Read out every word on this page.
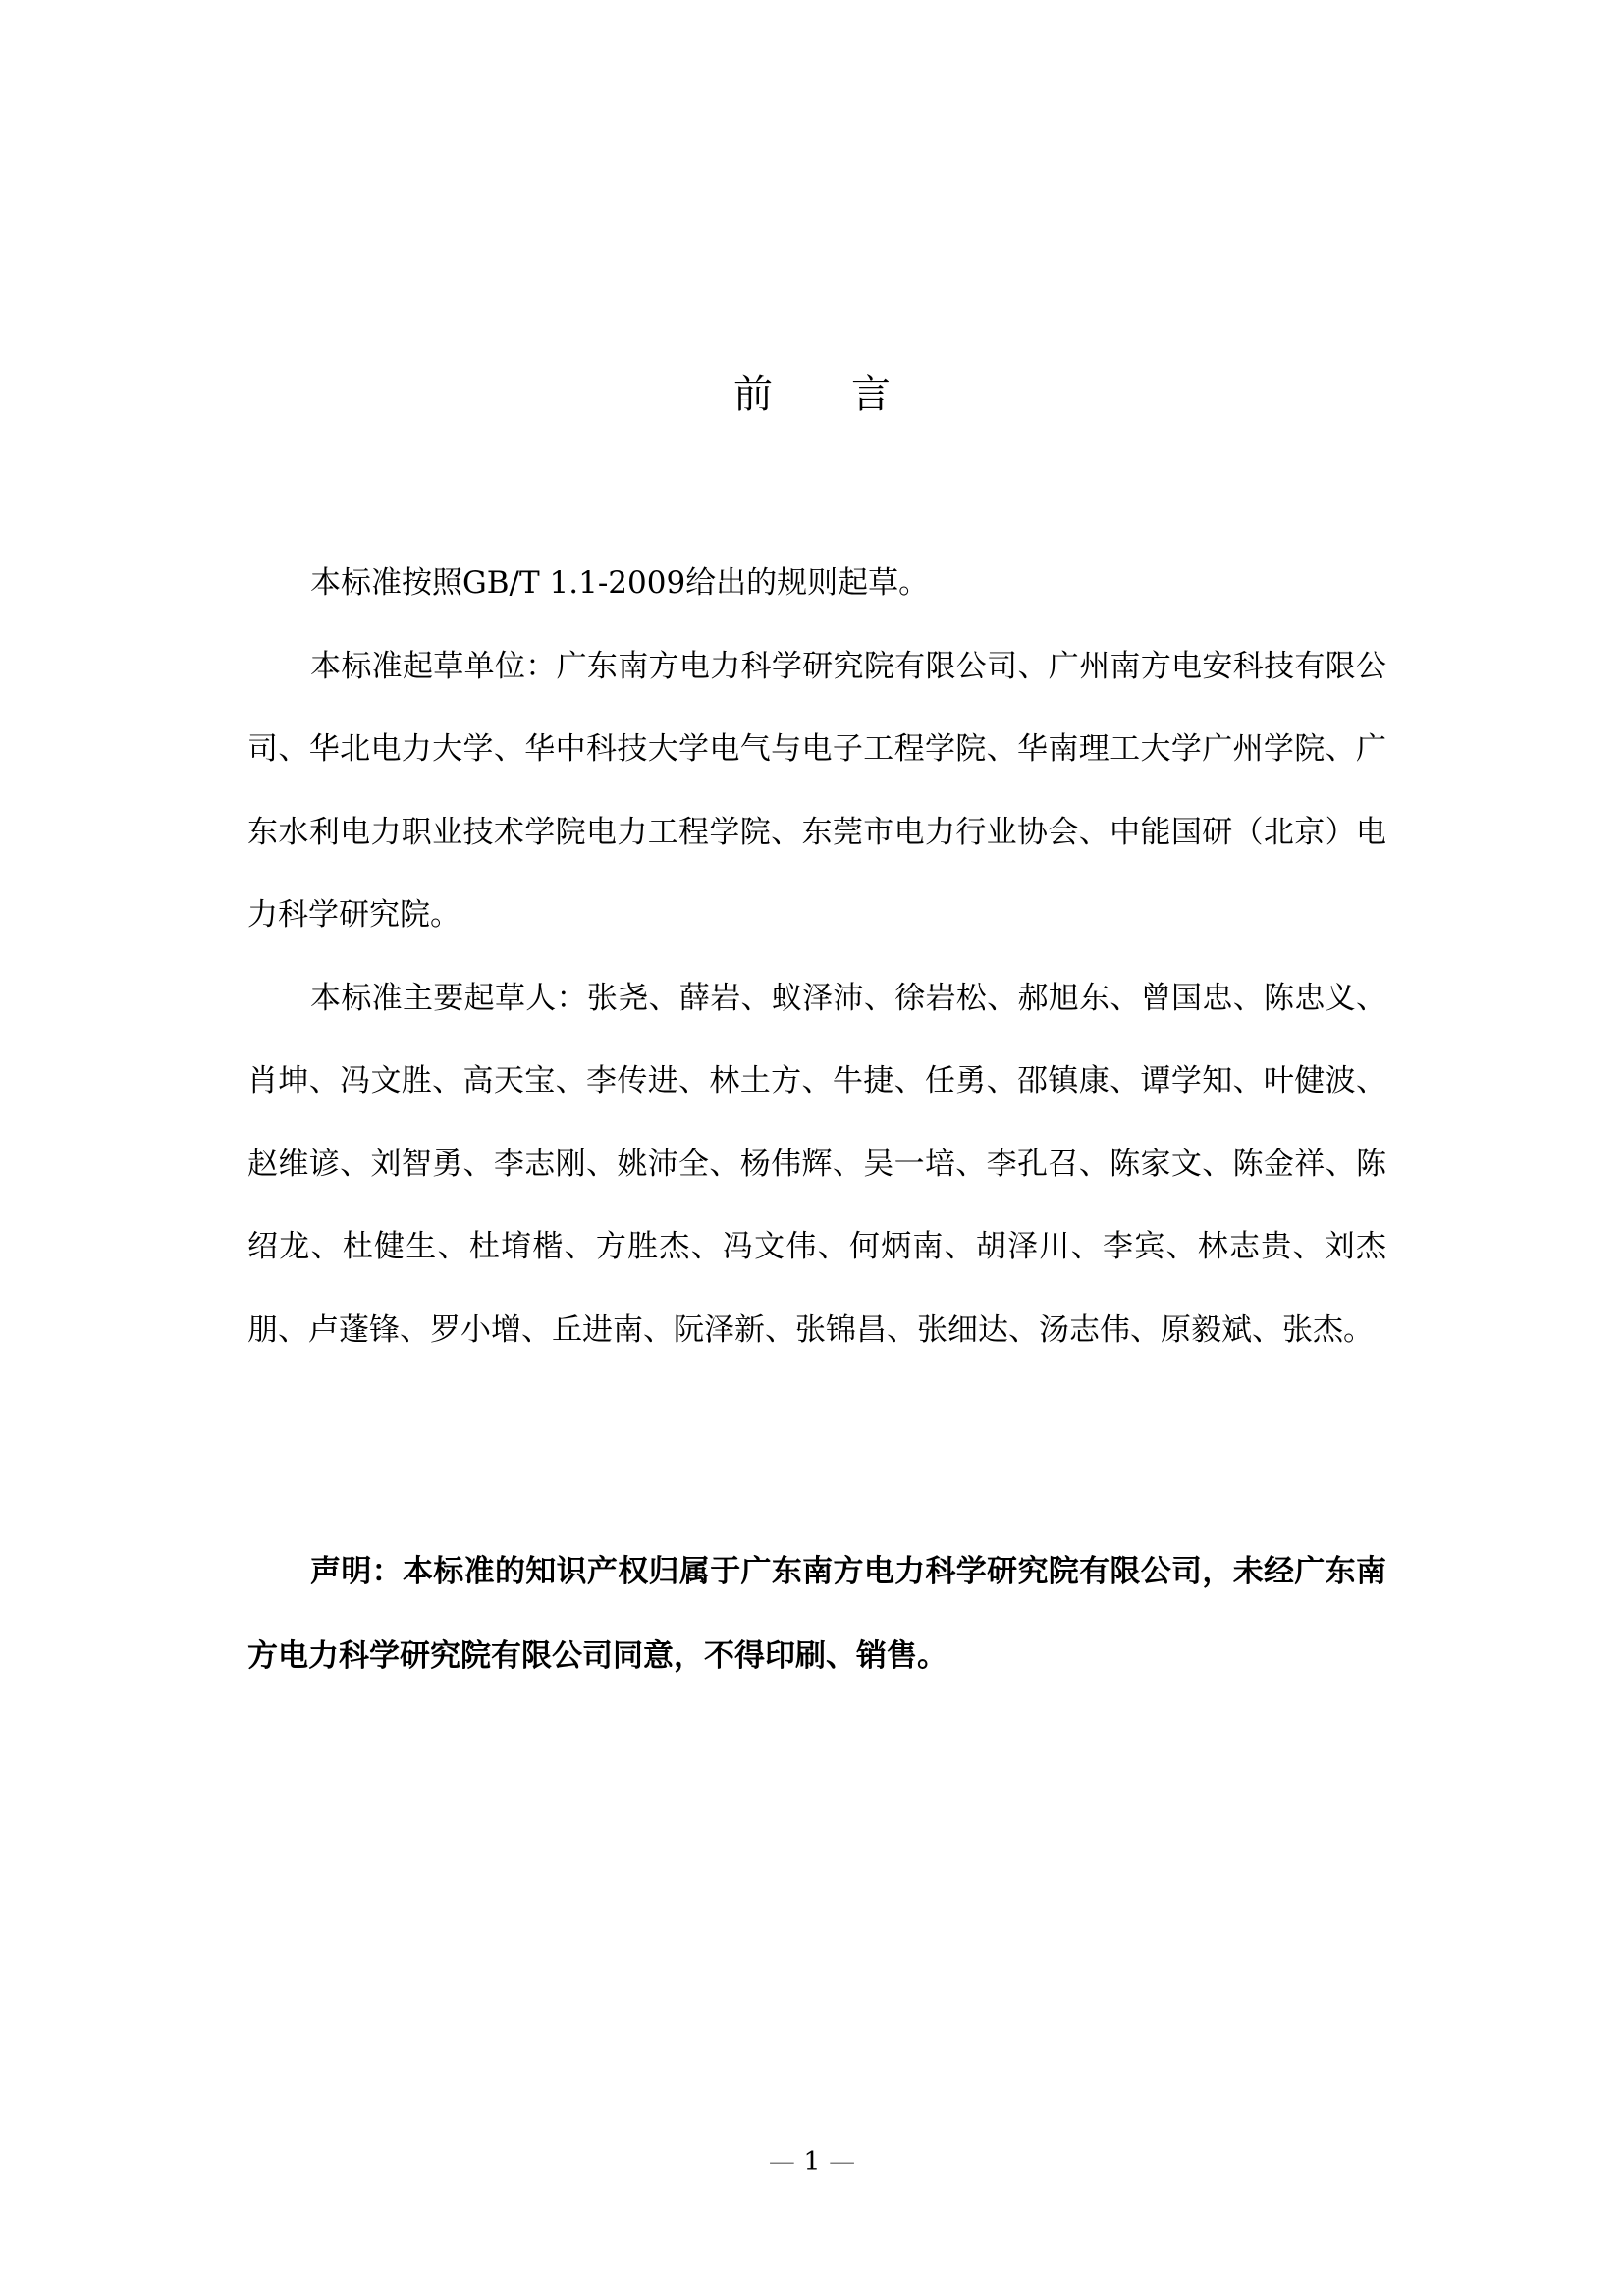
前言

本标准按照GB/T 1.1-2009给出的规则起草。

本标准起草单位：广东南方电力科学研究院有限公司、广州南方电安科技有限公司、华北电力大学、华中科技大学电气与电子工程学院、华南理工大学广州学院、广东水利电力职业技术学院电力工程学院、东莞市电力行业协会、中能国研（北京）电力科学研究院。

本标准主要起草人：张尧、薛岩、蚁泽沛、徐岩松、郝旭东、曾国忠、陈忠义、肖坤、冯文胜、高天宝、李传进、林土方、牛捷、任勇、邵镇康、谭学知、叶健波、赵维谚、刘智勇、李志刚、姚沛全、杨伟辉、吴一培、李孔召、陈家文、陈金祥、陈绍龙、杜健生、杜堉楷、方胜杰、冯文伟、何炳南、胡泽川、李宾、林志贵、刘杰朋、卢蓬锋、罗小增、丘进南、阮泽新、张锦昌、张细达、汤志伟、原毅斌、张杰。

声明：本标准的知识产权归属于广东南方电力科学研究院有限公司，未经广东南方电力科学研究院有限公司同意，不得印刷、销售。

— 1 —
